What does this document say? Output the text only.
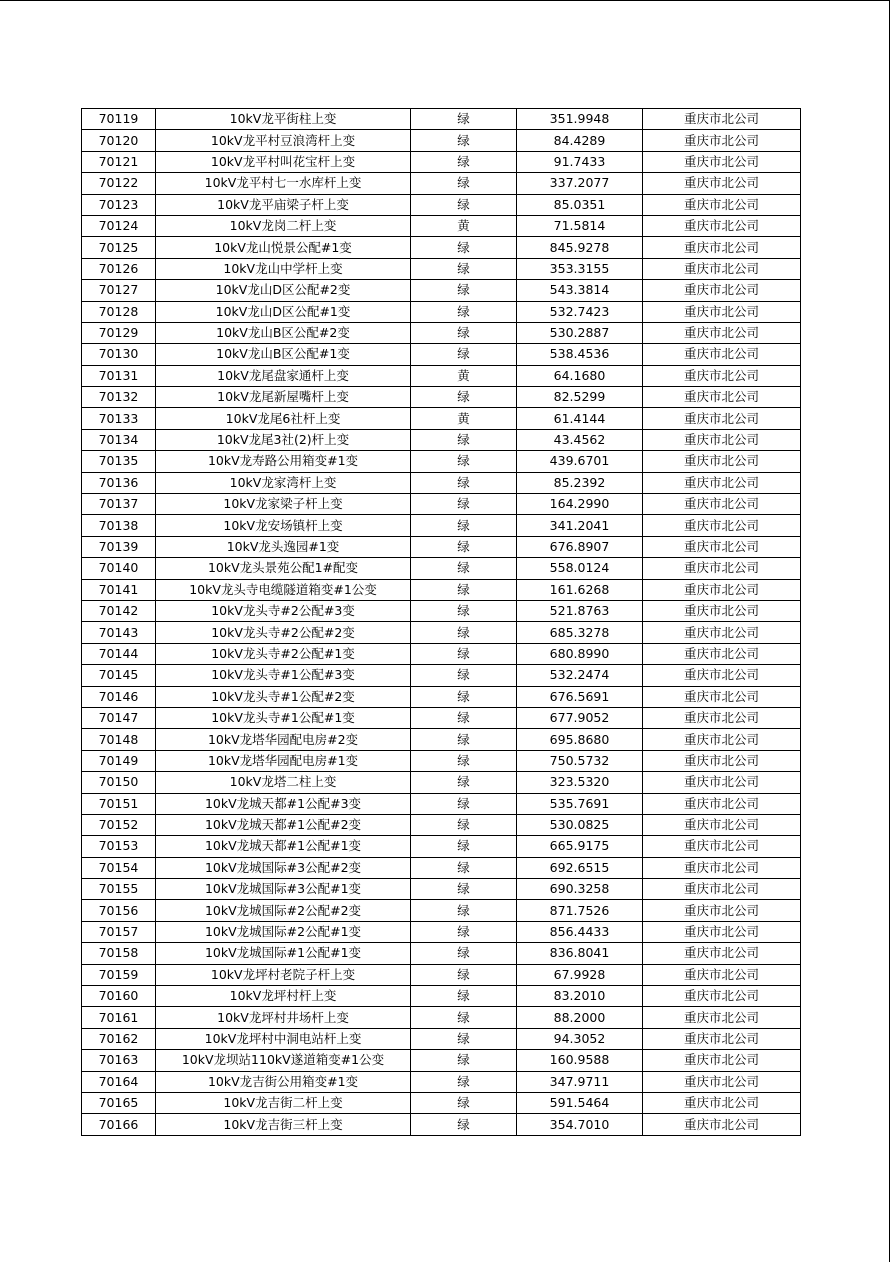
70119	10kV龙平街柱上变	绿	351.9948	重庆市北公司
70120	10kV龙平村豆浪湾杆上变	绿	84.4289	重庆市北公司
70121	10kV龙平村叫花宝杆上变	绿	91.7433	重庆市北公司
70122	10kV龙平村七一水库杆上变	绿	337.2077	重庆市北公司
70123	10kV龙平庙梁子杆上变	绿	85.0351	重庆市北公司
70124	10kV龙岗二杆上变	黄	71.5814	重庆市北公司
70125	10kV龙山悦景公配#1变	绿	845.9278	重庆市北公司
70126	10kV龙山中学杆上变	绿	353.3155	重庆市北公司
70127	10kV龙山D区公配#2变	绿	543.3814	重庆市北公司
70128	10kV龙山D区公配#1变	绿	532.7423	重庆市北公司
70129	10kV龙山B区公配#2变	绿	530.2887	重庆市北公司
70130	10kV龙山B区公配#1变	绿	538.4536	重庆市北公司
70131	10kV龙尾盘家通杆上变	黄	64.1680	重庆市北公司
70132	10kV龙尾新屋嘴杆上变	绿	82.5299	重庆市北公司
70133	10kV龙尾6社杆上变	黄	61.4144	重庆市北公司
70134	10kV龙尾3社(2)杆上变	绿	43.4562	重庆市北公司
70135	10kV龙寿路公用箱变#1变	绿	439.6701	重庆市北公司
70136	10kV龙家湾杆上变	绿	85.2392	重庆市北公司
70137	10kV龙家梁子杆上变	绿	164.2990	重庆市北公司
70138	10kV龙安场镇杆上变	绿	341.2041	重庆市北公司
70139	10kV龙头逸园#1变	绿	676.8907	重庆市北公司
70140	10kV龙头景苑公配1#配变	绿	558.0124	重庆市北公司
70141	10kV龙头寺电缆隧道箱变#1公变	绿	161.6268	重庆市北公司
70142	10kV龙头寺#2公配#3变	绿	521.8763	重庆市北公司
70143	10kV龙头寺#2公配#2变	绿	685.3278	重庆市北公司
70144	10kV龙头寺#2公配#1变	绿	680.8990	重庆市北公司
70145	10kV龙头寺#1公配#3变	绿	532.2474	重庆市北公司
70146	10kV龙头寺#1公配#2变	绿	676.5691	重庆市北公司
70147	10kV龙头寺#1公配#1变	绿	677.9052	重庆市北公司
70148	10kV龙塔华园配电房#2变	绿	695.8680	重庆市北公司
70149	10kV龙塔华园配电房#1变	绿	750.5732	重庆市北公司
70150	10kV龙塔二柱上变	绿	323.5320	重庆市北公司
70151	10kV龙城天都#1公配#3变	绿	535.7691	重庆市北公司
70152	10kV龙城天都#1公配#2变	绿	530.0825	重庆市北公司
70153	10kV龙城天都#1公配#1变	绿	665.9175	重庆市北公司
70154	10kV龙城国际#3公配#2变	绿	692.6515	重庆市北公司
70155	10kV龙城国际#3公配#1变	绿	690.3258	重庆市北公司
70156	10kV龙城国际#2公配#2变	绿	871.7526	重庆市北公司
70157	10kV龙城国际#2公配#1变	绿	856.4433	重庆市北公司
70158	10kV龙城国际#1公配#1变	绿	836.8041	重庆市北公司
70159	10kV龙坪村老院子杆上变	绿	67.9928	重庆市北公司
70160	10kV龙坪村杆上变	绿	83.2010	重庆市北公司
70161	10kV龙坪村井场杆上变	绿	88.2000	重庆市北公司
70162	10kV龙坪村中洞电站杆上变	绿	94.3052	重庆市北公司
70163	10kV龙坝站110kV遂道箱变#1公变	绿	160.9588	重庆市北公司
70164	10kV龙吉街公用箱变#1变	绿	347.9711	重庆市北公司
70165	10kV龙吉街二杆上变	绿	591.5464	重庆市北公司
70166	10kV龙吉街三杆上变	绿	354.7010	重庆市北公司
